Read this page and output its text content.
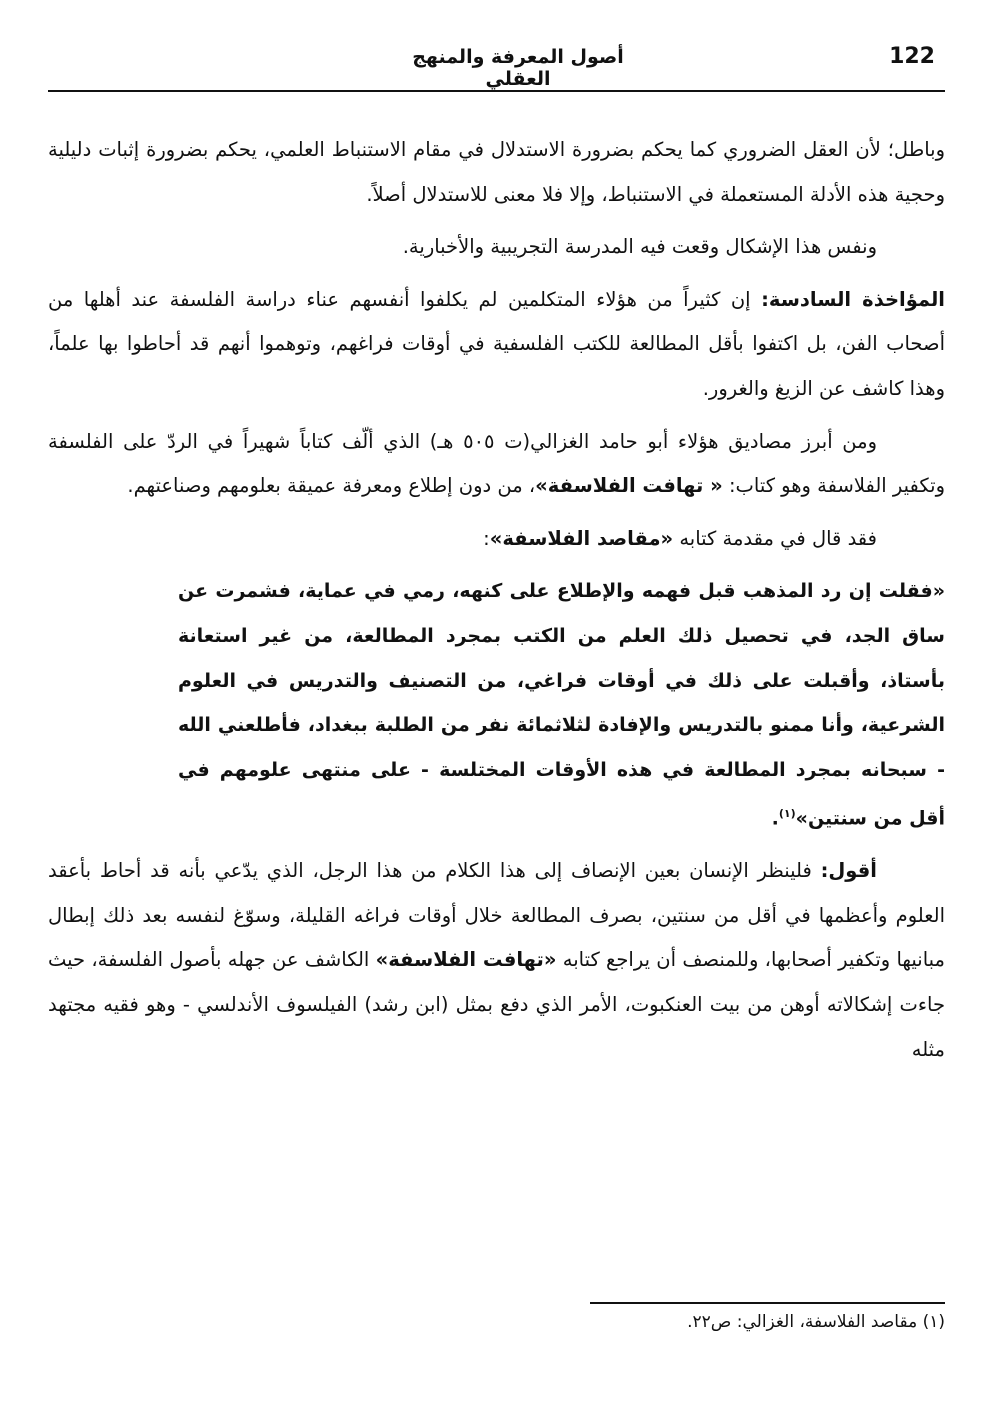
122
أصول المعرفة والمنهج العقلي

وباطل؛ لأن العقل الضروري كما يحكم بضرورة الاستدلال في مقام الاستنباط العلمي، يحكم بضرورة إثبات دليلية وحجية هذه الأدلة المستعملة في الاستنباط، وإلا فلا معنى للاستدلال أصلاً.

ونفس هذا الإشكال وقعت فيه المدرسة التجريبية والأخبارية.

المؤاخذة السادسة: إن كثيراً من هؤلاء المتكلمين لم يكلفوا أنفسهم عناء دراسة الفلسفة عند أهلها من أصحاب الفن، بل اكتفوا بأقل المطالعة للكتب الفلسفية في أوقات فراغهم، وتوهموا أنهم قد أحاطوا بها علماً، وهذا كاشف عن الزيغ والغرور.

ومن أبرز مصاديق هؤلاء أبو حامد الغزالي(ت ٥٠٥ هـ) الذي ألّف كتاباً شهيراً في الردّ على الفلسفة وتكفير الفلاسفة وهو كتاب: « تهافت الفلاسفة»، من دون إطلاع ومعرفة عميقة بعلومهم وصناعتهم.

فقد قال في مقدمة كتابه «مقاصد الفلاسفة»:

«فقلت إن رد المذهب قبل فهمه والإطلاع على كنهه، رمي في عماية، فشمرت عن ساق الجد، في تحصيل ذلك العلم من الكتب بمجرد المطالعة، من غير استعانة بأستاذ، وأقبلت على ذلك في أوقات فراغي، من التصنيف والتدريس في العلوم الشرعية، وأنا ممنو بالتدريس والإفادة لثلاثمائة نفر من الطلبة ببغداد، فأطلعني الله - سبحانه بمجرد المطالعة في هذه الأوقات المختلسة - على منتهى علومهم في أقل من سنتين»$^{(١)}$.

أقول: فلينظر الإنسان بعين الإنصاف إلى هذا الكلام من هذا الرجل، الذي يدّعي بأنه قد أحاط بأعقد العلوم وأعظمها في أقل من سنتين، بصرف المطالعة خلال أوقات فراغه القليلة، وسوّغ لنفسه بعد ذلك إبطال مبانيها وتكفير أصحابها، وللمنصف أن يراجع كتابه «تهافت الفلاسفة» الكاشف عن جهله بأصول الفلسفة، حيث جاءت إشكالاته أوهن من بيت العنكبوت، الأمر الذي دفع بمثل (ابن رشد) الفيلسوف الأندلسي - وهو فقيه مجتهد مثله

(١) مقاصد الفلاسفة، الغزالي: ص٢٢.
